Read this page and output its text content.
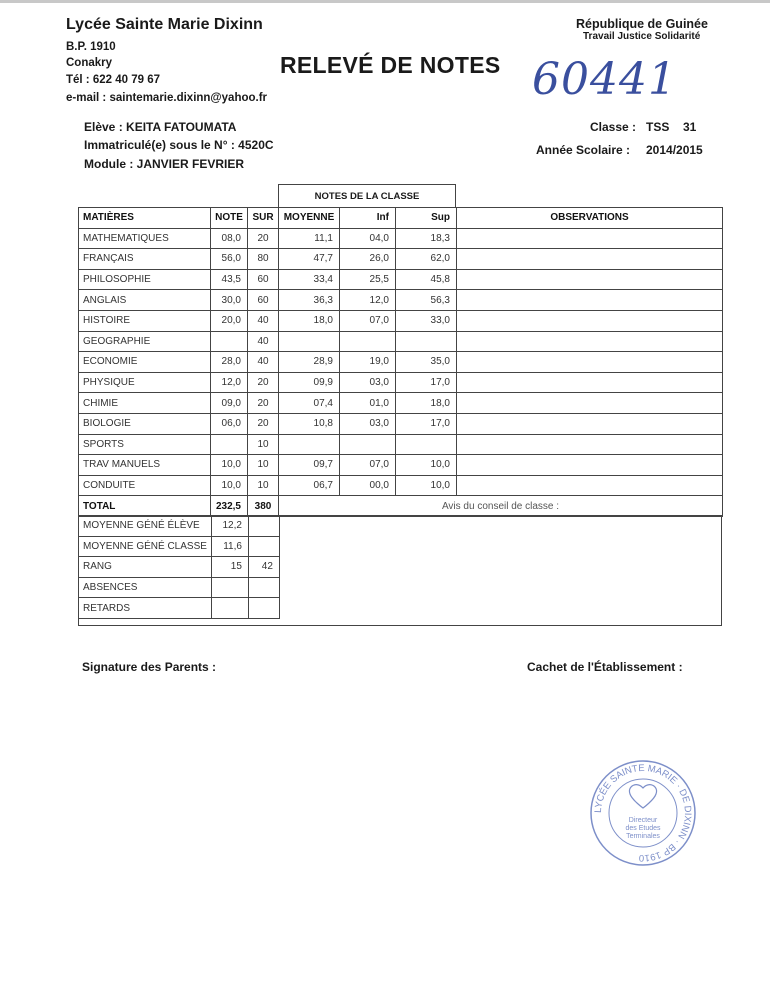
Lycée Sainte Marie Dixinn
B.P. 1910
Conakry
Tél : 622 40 79 67
e-mail : saintemarie.dixinn@yahoo.fr
République de Guinée
Travail Justice Solidarité
RELEVÉ DE NOTES 60441
Elève : KEITA FATOUMATA
Immatriculé(e) sous le N° : 4520C
Module : JANVIER FEVRIER
Classe : TSS 31
Année Scolaire : 2014/2015
NOTES DE LA CLASSE
MATIÈRES	NOTE	SUR	MOYENNE	Inf	Sup	OBSERVATIONS
MATHEMATIQUES	08,0	20	11,1	04,0	18,3	
FRANÇAIS	56,0	80	47,7	26,0	62,0	
PHILOSOPHIE	43,5	60	33,4	25,5	45,8	
ANGLAIS	30,0	60	36,3	12,0	56,3	
HISTOIRE	20,0	40	18,0	07,0	33,0	
GEOGRAPHIE		40				
ECONOMIE	28,0	40	28,9	19,0	35,0	
PHYSIQUE	12,0	20	09,9	03,0	17,0	
CHIMIE	09,0	20	07,4	01,0	18,0	
BIOLOGIE	06,0	20	10,8	03,0	17,0	
SPORTS		10				
TRAV MANUELS	10,0	10	09,7	07,0	10,0	
CONDUITE	10,0	10	06,7	00,0	10,0	
TOTAL	232,5	380	Avis du conseil de classe :			
MOYENNE GÉNÉ ÉLÈVE	12,2	
MOYENNE GÉNÉ CLASSE	11,6	
RANG	15	42
ABSENCES		
RETARDS		
Signature des Parents :	Cachet de l'Établissement :
LYCÉE SAINTE MARIE · DE DIXINN · BP 1910
Directeur
des Etudes
Terminales
